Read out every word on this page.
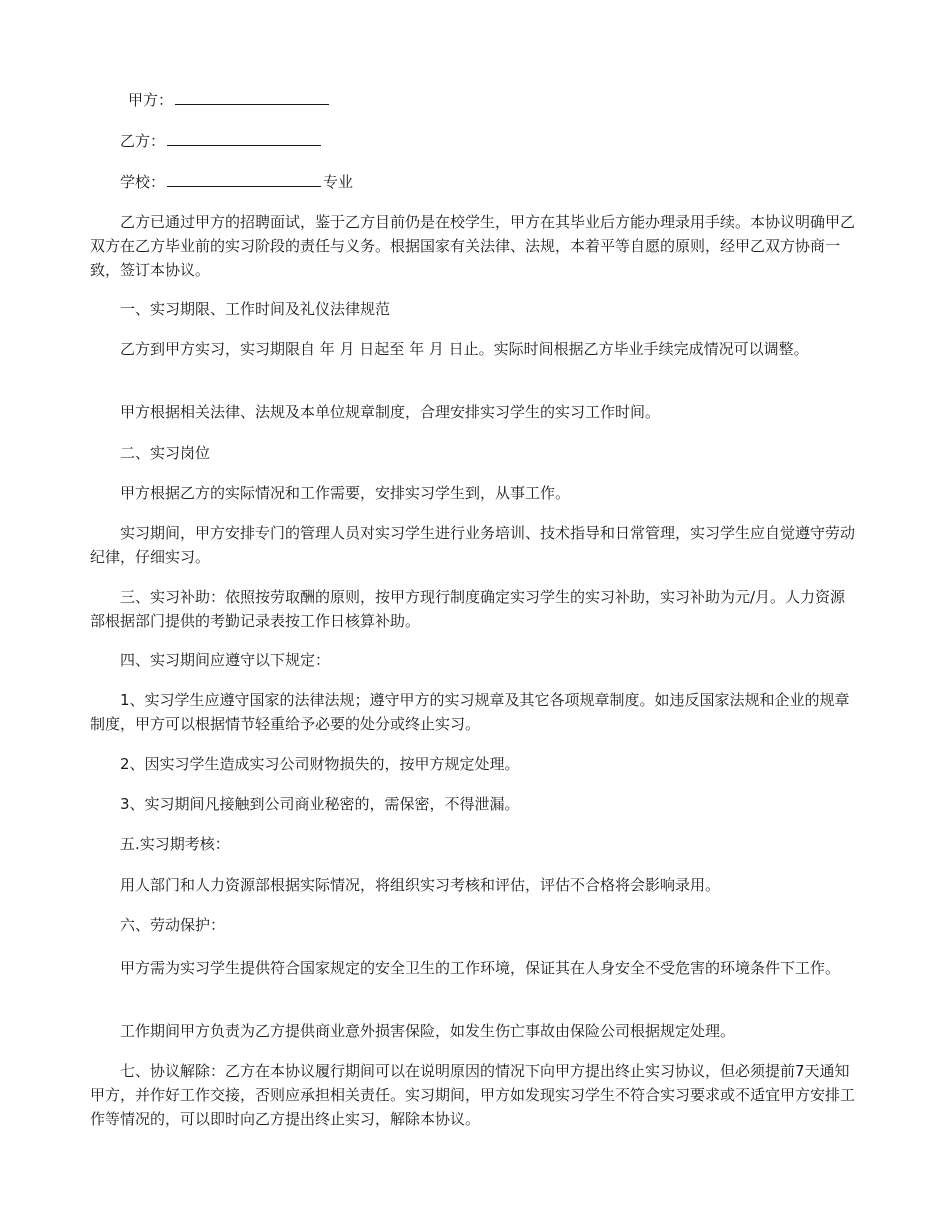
甲方：
乙方：
学校：	专业

乙方已通过甲方的招聘面试，鉴于乙方目前仍是在校学生，甲方在其毕业后方能办理录用手续。本协议明确甲乙双方在乙方毕业前的实习阶段的责任与义务。根据国家有关法律、法规，本着平等自愿的原则，经甲乙双方协商一致，签订本协议。

一、实习期限、工作时间及礼仪法律规范

乙方到甲方实习，实习期限自 年 月 日起至 年 月 日止。实际时间根据乙方毕业手续完成情况可以调整。

甲方根据相关法律、法规及本单位规章制度，合理安排实习学生的实习工作时间。

二、实习岗位

甲方根据乙方的实际情况和工作需要，安排实习学生到，从事工作。

实习期间，甲方安排专门的管理人员对实习学生进行业务培训、技术指导和日常管理，实习学生应自觉遵守劳动纪律，仔细实习。

三、实习补助：依照按劳取酬的原则，按甲方现行制度确定实习学生的实习补助，实习补助为元/月。人力资源部根据部门提供的考勤记录表按工作日核算补助。

四、实习期间应遵守以下规定：

1、实习学生应遵守国家的法律法规；遵守甲方的实习规章及其它各项规章制度。如违反国家法规和企业的规章制度，甲方可以根据情节轻重给予必要的处分或终止实习。

2、因实习学生造成实习公司财物损失的，按甲方规定处理。

3、实习期间凡接触到公司商业秘密的，需保密，不得泄漏。

五.实习期考核：

用人部门和人力资源部根据实际情况，将组织实习考核和评估，评估不合格将会影响录用。

六、劳动保护：

甲方需为实习学生提供符合国家规定的安全卫生的工作环境，保证其在人身安全不受危害的环境条件下工作。

工作期间甲方负责为乙方提供商业意外损害保险，如发生伤亡事故由保险公司根据规定处理。

七、协议解除：乙方在本协议履行期间可以在说明原因的情况下向甲方提出终止实习协议，但必须提前7天通知甲方，并作好工作交接，否则应承担相关责任。实习期间，甲方如发现实习学生不符合实习要求或不适宜甲方安排工作等情况的，可以即时向乙方提出终止实习，解除本协议。
